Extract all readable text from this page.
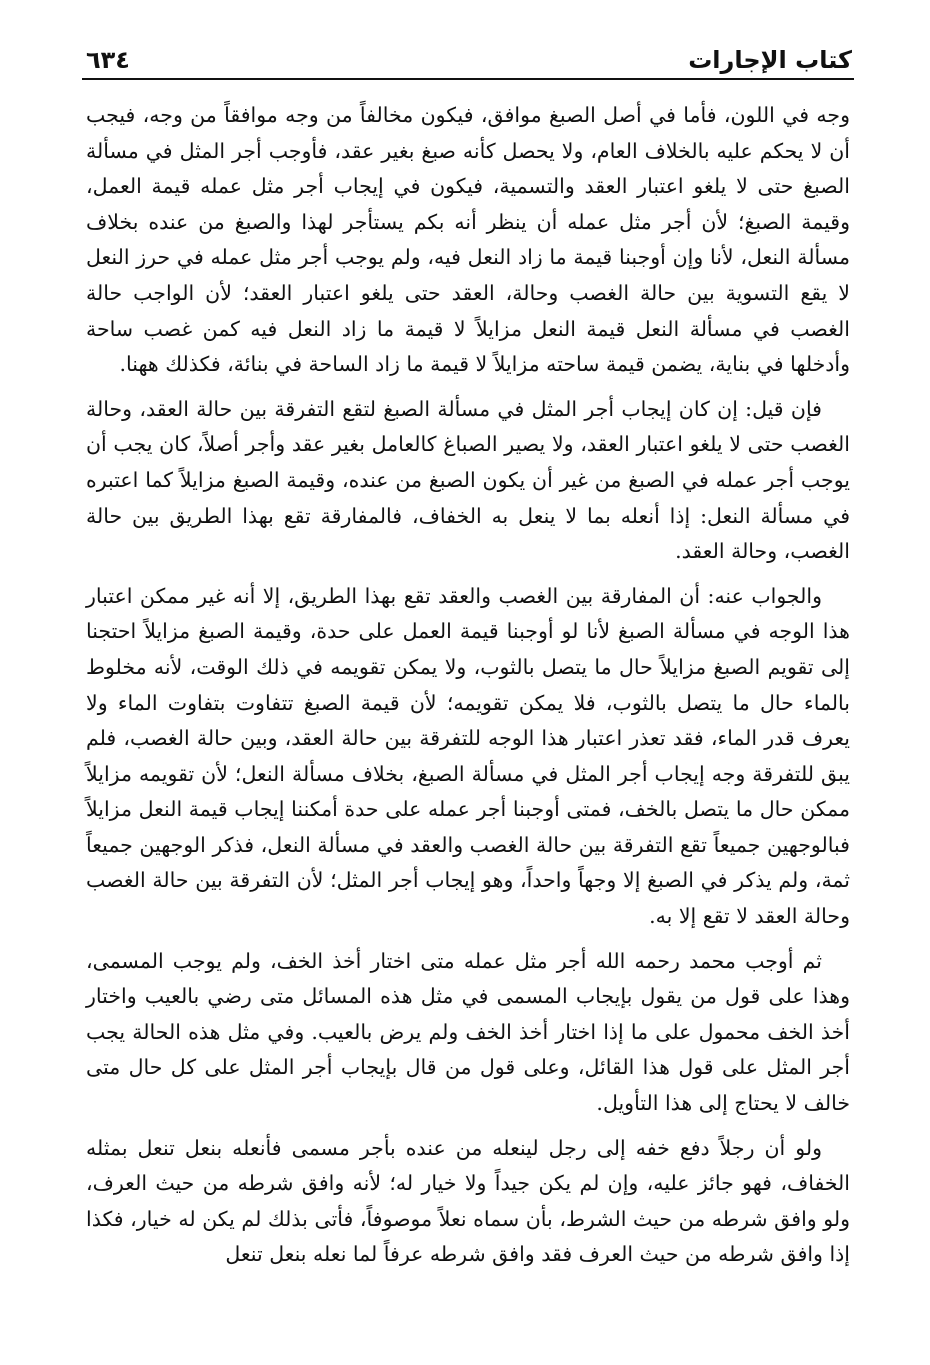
كتاب الإجارات
٦٣٤

وجه في اللون، فأما في أصل الصبغ موافق، فيكون مخالفاً من وجه موافقاً من وجه، فيجب أن لا يحكم عليه بالخلاف العام، ولا يحصل كأنه صبغ بغير عقد، فأوجب أجر المثل في مسألة الصبغ حتى لا يلغو اعتبار العقد والتسمية، فيكون في إيجاب أجر مثل عمله قيمة العمل، وقيمة الصبغ؛ لأن أجر مثل عمله أن ينظر أنه بكم يستأجر لهذا والصبغ من عنده بخلاف مسألة النعل، لأنا وإن أوجبنا قيمة ما زاد النعل فيه، ولم يوجب أجر مثل عمله في حرز النعل لا يقع التسوية بين حالة الغصب وحالة، العقد حتى يلغو اعتبار العقد؛ لأن الواجب حالة الغصب في مسألة النعل قيمة النعل مزايلاً لا قيمة ما زاد النعل فيه كمن غصب ساحة وأدخلها في بناية، يضمن قيمة ساحته مزايلاً لا قيمة ما زاد الساحة في بنائة، فكذلك ههنا.

فإن قيل: إن كان إيجاب أجر المثل في مسألة الصبغ لتقع التفرقة بين حالة العقد، وحالة الغصب حتى لا يلغو اعتبار العقد، ولا يصير الصباغ كالعامل بغير عقد وأجر أصلاً، كان يجب أن يوجب أجر عمله في الصبغ من غير أن يكون الصبغ من عنده، وقيمة الصبغ مزايلاً كما اعتبره في مسألة النعل: إذا أنعله بما لا ينعل به الخفاف، فالمفارقة تقع بهذا الطريق بين حالة الغصب، وحالة العقد.

والجواب عنه: أن المفارقة بين الغصب والعقد تقع بهذا الطريق، إلا أنه غير ممكن اعتبار هذا الوجه في مسألة الصبغ لأنا لو أوجبنا قيمة العمل على حدة، وقيمة الصبغ مزايلاً احتجنا إلى تقويم الصبغ مزايلاً حال ما يتصل بالثوب، ولا يمكن تقويمه في ذلك الوقت، لأنه مخلوط بالماء حال ما يتصل بالثوب، فلا يمكن تقويمه؛ لأن قيمة الصبغ تتفاوت بتفاوت الماء ولا يعرف قدر الماء، فقد تعذر اعتبار هذا الوجه للتفرقة بين حالة العقد، وبين حالة الغصب، فلم يبق للتفرقة وجه إيجاب أجر المثل في مسألة الصبغ، بخلاف مسألة النعل؛ لأن تقويمه مزايلاً ممكن حال ما يتصل بالخف، فمتى أوجبنا أجر عمله على حدة أمكننا إيجاب قيمة النعل مزايلاً فبالوجهين جميعاً تقع التفرقة بين حالة الغصب والعقد في مسألة النعل، فذكر الوجهين جميعاً ثمة، ولم يذكر في الصبغ إلا وجهاً واحداً، وهو إيجاب أجر المثل؛ لأن التفرقة بين حالة الغصب وحالة العقد لا تقع إلا به.

ثم أوجب محمد رحمه الله أجر مثل عمله متى اختار أخذ الخف، ولم يوجب المسمى، وهذا على قول من يقول بإيجاب المسمى في مثل هذه المسائل متى رضي بالعيب واختار أخذ الخف محمول على ما إذا اختار أخذ الخف ولم يرض بالعيب. وفي مثل هذه الحالة يجب أجر المثل على قول هذا القائل، وعلى قول من قال بإيجاب أجر المثل على كل حال متى خالف لا يحتاج إلى هذا التأويل.

ولو أن رجلاً دفع خفه إلى رجل لينعله من عنده بأجر مسمى فأنعله بنعل تنعل بمثله الخفاف، فهو جائز عليه، وإن لم يكن جيداً ولا خيار له؛ لأنه وافق شرطه من حيث العرف، ولو وافق شرطه من حيث الشرط، بأن سماه نعلاً موصوفاً، فأتى بذلك لم يكن له خيار، فكذا إذا وافق شرطه من حيث العرف فقد وافق شرطه عرفاً لما نعله بنعل تنعل
